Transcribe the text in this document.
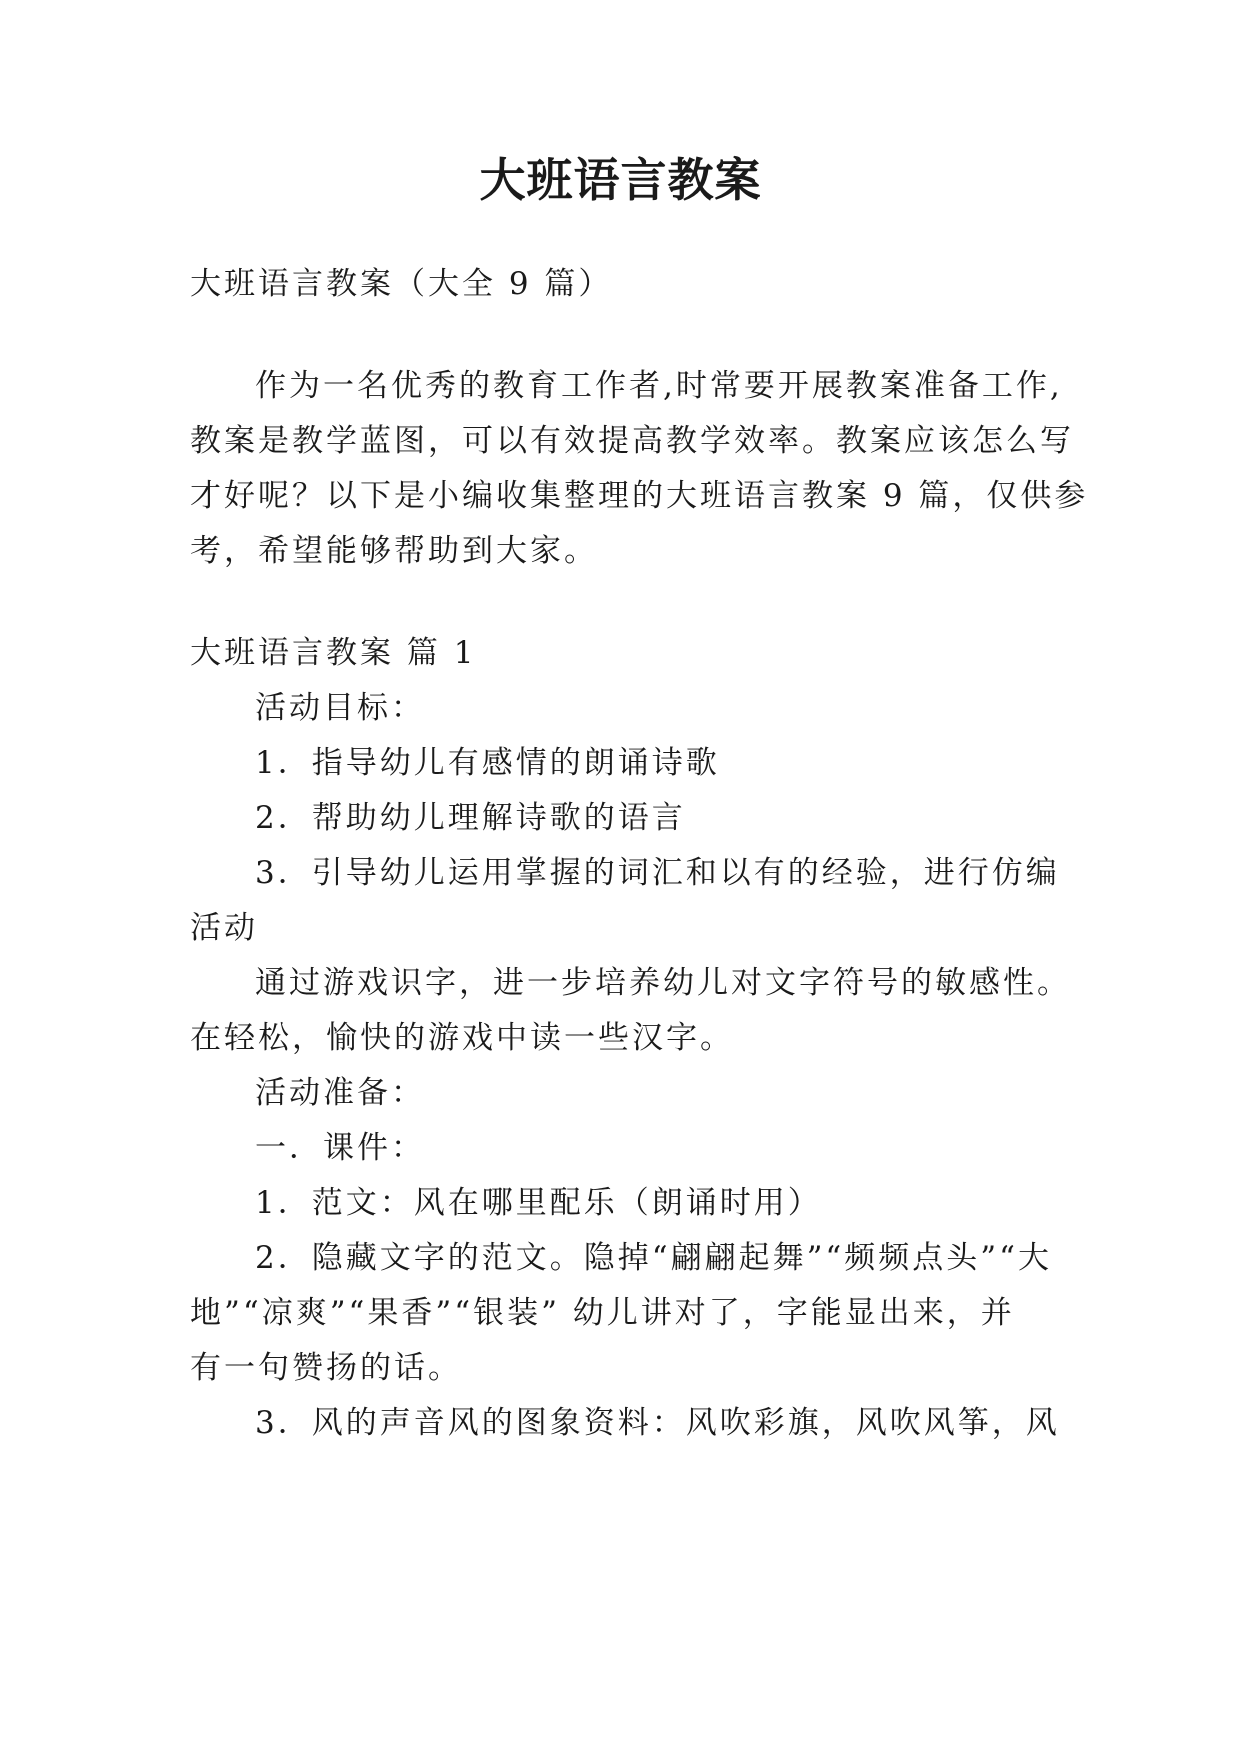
大班语言教案
大班语言教案（大全 9 篇）
作为一名优秀的教育工作者,时常要开展教案准备工作,
教案是教学蓝图，可以有效提高教学效率。教案应该怎么写
才好呢？以下是小编收集整理的大班语言教案 9 篇，仅供参
考，希望能够帮助到大家。
大班语言教案 篇 1
活动目标：
1．指导幼儿有感情的朗诵诗歌
2．帮助幼儿理解诗歌的语言
3．引导幼儿运用掌握的词汇和以有的经验，进行仿编
活动
通过游戏识字，进一步培养幼儿对文字符号的敏感性。
在轻松，愉快的游戏中读一些汉字。
活动准备：
一．课件：
1．范文：风在哪里配乐（朗诵时用）
2．隐藏文字的范文。隐掉“翩翩起舞”“频频点头”“大
地”“凉爽”“果香”“银装” 幼儿讲对了，字能显出来，并
有一句赞扬的话。
3．风的声音风的图象资料：风吹彩旗，风吹风筝，风
